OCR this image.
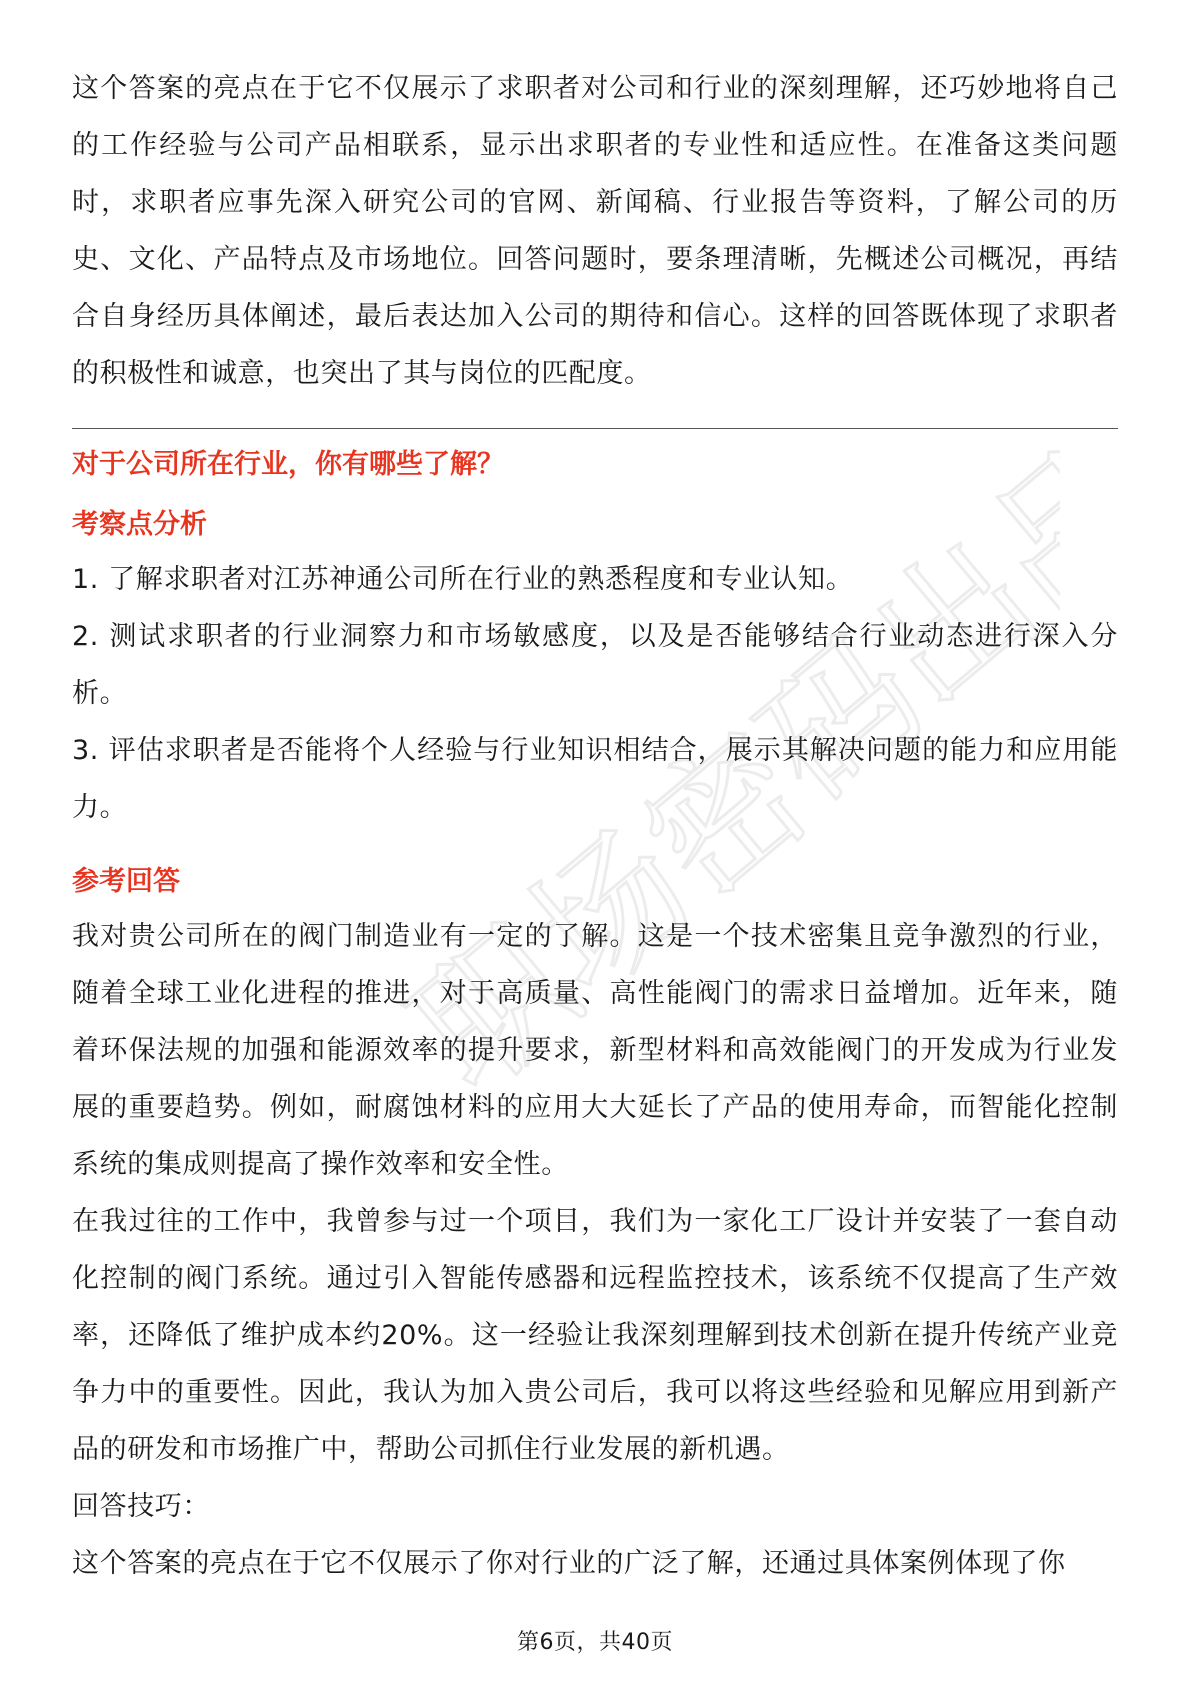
职场密码出品

这个答案的亮点在于它不仅展示了求职者对公司和行业的深刻理解，还巧妙地将自己的工作经验与公司产品相联系，显示出求职者的专业性和适应性。在准备这类问题时，求职者应事先深入研究公司的官网、新闻稿、行业报告等资料，了解公司的历史、文化、产品特点及市场地位。回答问题时，要条理清晰，先概述公司概况，再结合自身经历具体阐述，最后表达加入公司的期待和信心。这样的回答既体现了求职者的积极性和诚意，也突出了其与岗位的匹配度。

对于公司所在行业，你有哪些了解？

考察点分析

1. 了解求职者对江苏神通公司所在行业的熟悉程度和专业认知。

2. 测试求职者的行业洞察力和市场敏感度，以及是否能够结合行业动态进行深入分析。

3. 评估求职者是否能将个人经验与行业知识相结合，展示其解决问题的能力和应用能力。

参考回答

我对贵公司所在的阀门制造业有一定的了解。这是一个技术密集且竞争激烈的行业，随着全球工业化进程的推进，对于高质量、高性能阀门的需求日益增加。近年来，随着环保法规的加强和能源效率的提升要求，新型材料和高效能阀门的开发成为行业发展的重要趋势。例如，耐腐蚀材料的应用大大延长了产品的使用寿命，而智能化控制系统的集成则提高了操作效率和安全性。

在我过往的工作中，我曾参与过一个项目，我们为一家化工厂设计并安装了一套自动化控制的阀门系统。通过引入智能传感器和远程监控技术，该系统不仅提高了生产效率，还降低了维护成本约20%。这一经验让我深刻理解到技术创新在提升传统产业竞争力中的重要性。因此，我认为加入贵公司后，我可以将这些经验和见解应用到新产品的研发和市场推广中，帮助公司抓住行业发展的新机遇。

回答技巧：

这个答案的亮点在于它不仅展示了你对行业的广泛了解，还通过具体案例体现了你

第6页，共40页
